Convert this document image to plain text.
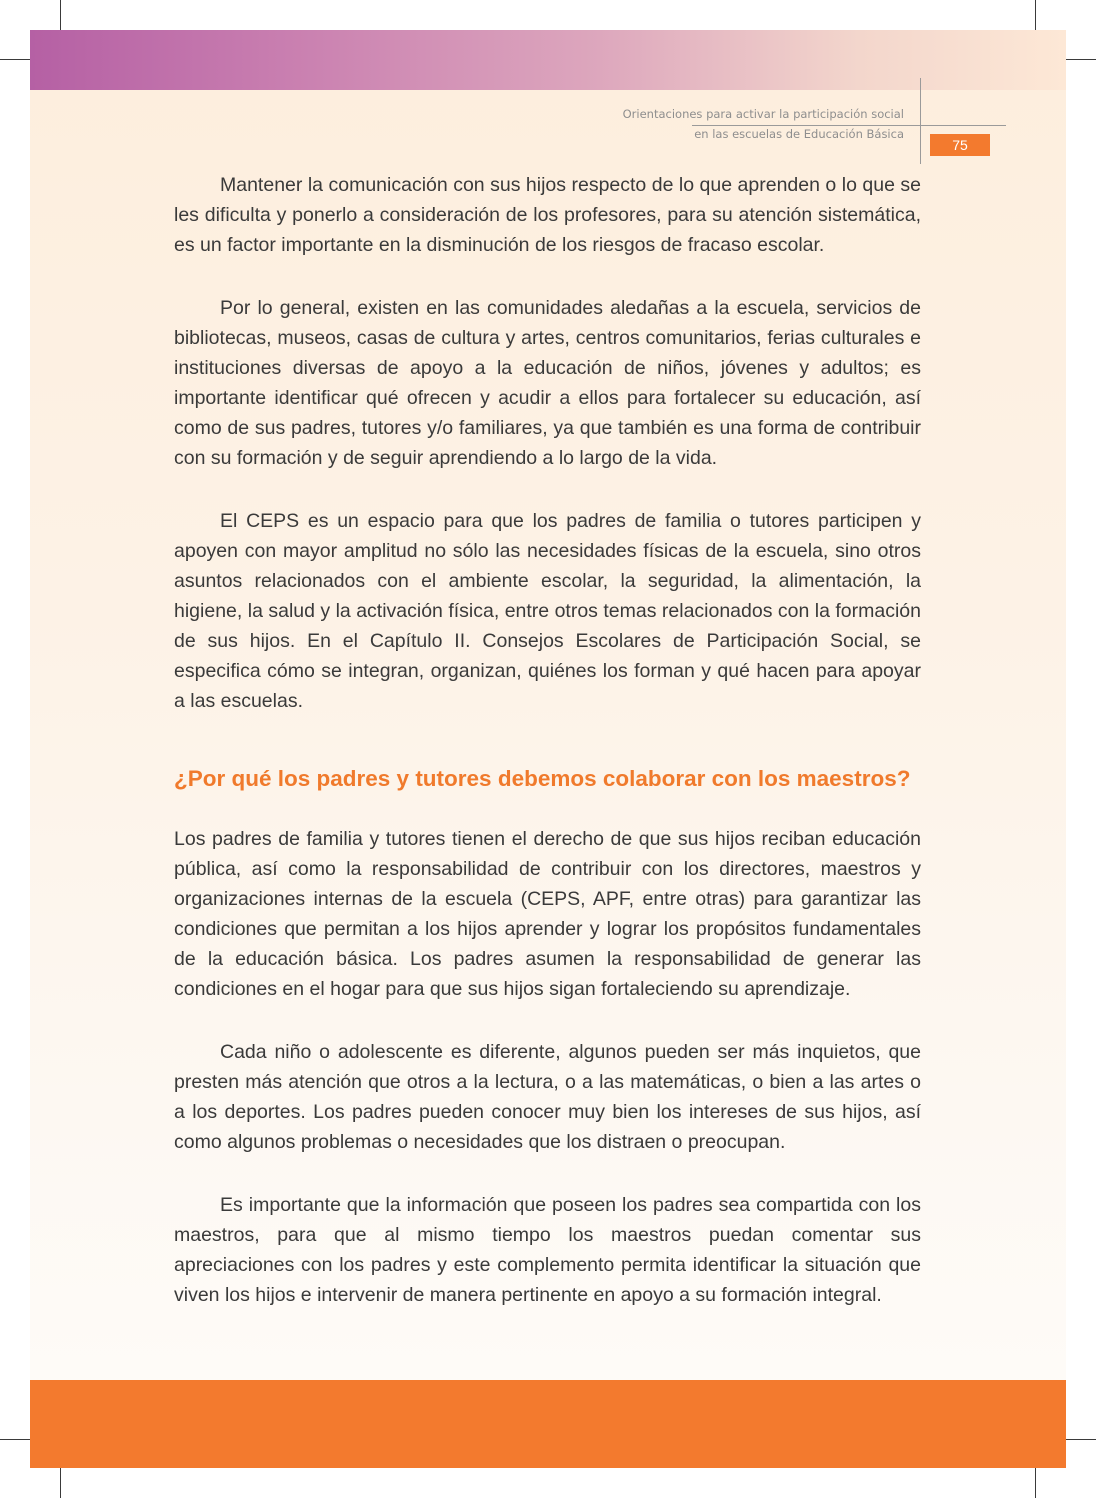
Orientaciones para activar la participación social
en las escuelas de Educación Básica
75

Mantener la comunicación con sus hijos respecto de lo que aprenden o lo que se les dificulta y ponerlo a consideración de los profesores, para su atención sistemática, es un factor importante en la disminución de los riesgos de fracaso escolar.

Por lo general, existen en las comunidades aledañas a la escuela, servicios de bibliotecas, museos, casas de cultura y artes, centros comunitarios, ferias culturales e instituciones diversas de apoyo a la educación de niños, jóvenes y adultos; es importante identificar qué ofrecen y acudir a ellos para fortalecer su educación, así como de sus padres, tutores y/o familiares, ya que también es una forma de contribuir con su formación y de seguir aprendiendo a lo largo de la vida.

El CEPS es un espacio para que los padres de familia o tutores participen y apoyen con mayor amplitud no sólo las necesidades físicas de la escuela, sino otros asuntos relacionados con el ambiente escolar, la seguridad, la alimentación, la higiene, la salud y la activación física, entre otros temas relacionados con la formación de sus hijos. En el Capítulo II. Consejos Escolares de Participación Social, se especifica cómo se integran, organizan, quiénes los forman y qué hacen para apoyar a las escuelas.

¿Por qué los padres y tutores debemos colaborar con los maestros?

Los padres de familia y tutores tienen el derecho de que sus hijos reciban educación pública, así como la responsabilidad de contribuir con los directores, maestros y organizaciones internas de la escuela (CEPS, APF, entre otras) para garantizar las condiciones que permitan a los hijos aprender y lograr los propósitos fundamentales de la educación básica. Los padres asumen la responsabilidad de generar las condiciones en el hogar para que sus hijos sigan fortaleciendo su aprendizaje.

Cada niño o adolescente es diferente, algunos pueden ser más inquietos, que presten más atención que otros a la lectura, o a las matemáticas, o bien a las artes o a los deportes. Los padres pueden conocer muy bien los intereses de sus hijos, así como algunos problemas o necesidades que los distraen o preocupan.

Es importante que la información que poseen los padres sea compartida con los maestros, para que al mismo tiempo los maestros puedan comentar sus apreciaciones con los padres y este complemento permita identificar la situación que viven los hijos e intervenir de manera pertinente en apoyo a su formación integral.
